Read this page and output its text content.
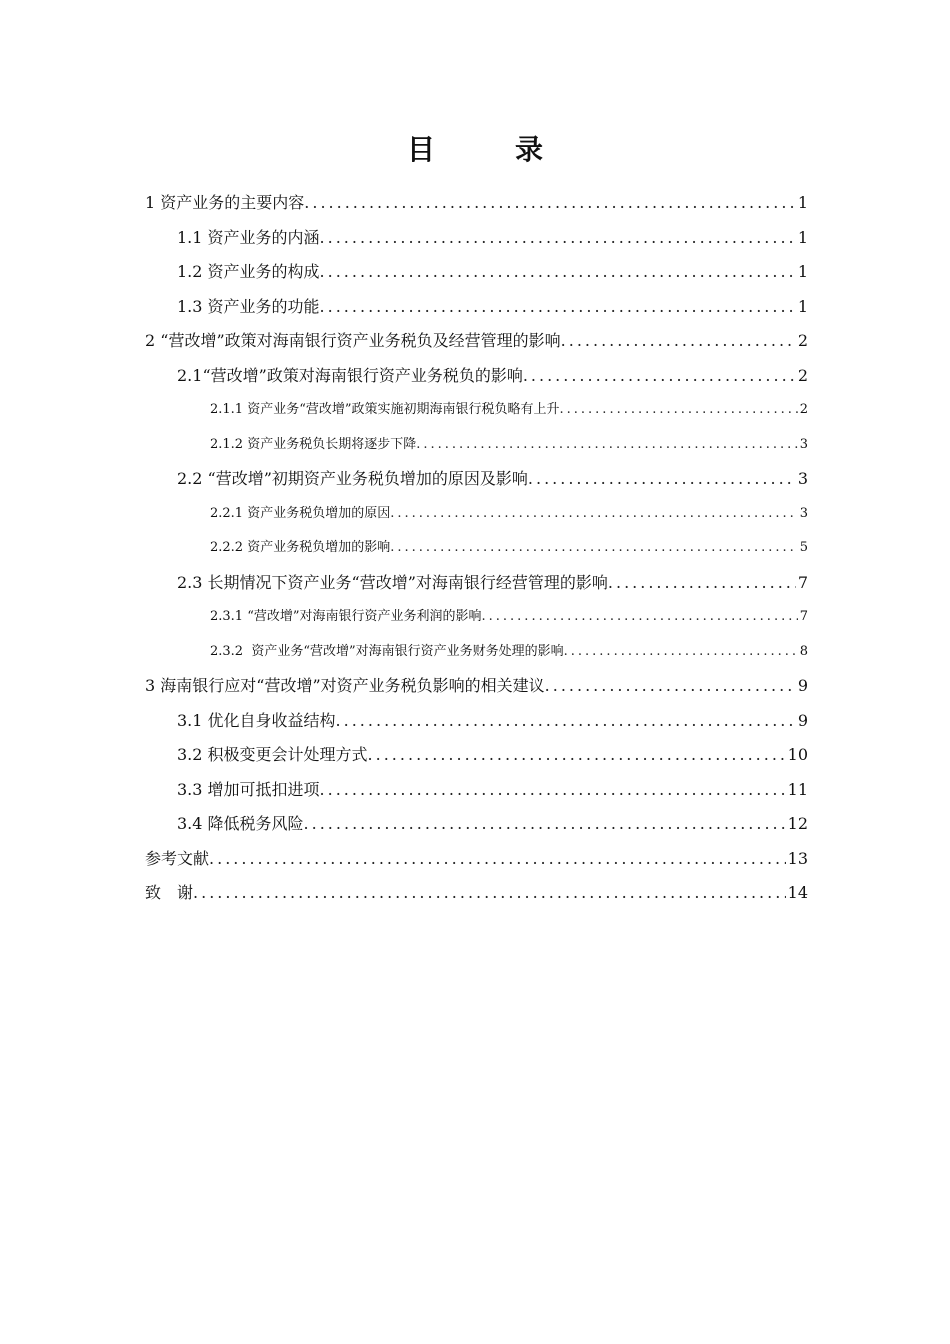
目　录
1 资产业务的主要内容 .....	1
1.1 资产业务的内涵 .....	1
1.2 资产业务的构成 .....	1
1.3 资产业务的功能 .....	1
2 “营改增”政策对海南银行资产业务税负及经营管理的影响 .....	2
2.1 “营改增”政策对海南银行资产业务税负的影响 .....	2
2.1.1 资产业务“营改增”政策实施初期海南银行税负略有上升 .....	2
2.1.2 资产业务税负长期将逐步下降 .....	3
2.2 “营改增”初期资产业务税负增加的原因及影响 .....	3
2.2.1 资产业务税负增加的原因 .....	3
2.2.2 资产业务税负增加的影响 .....	5
2.3 长期情况下资产业务“营改增”对海南银行经营管理的影响 .....	7
2.3.1 “营改增”对海南银行资产业务利润的影响 .....	7
2.3.2 资产业务“营改增”对海南银行资产业务财务处理的影响 .....	8
3 海南银行应对“营改增”对资产业务税负影响的相关建议 .....	9
3.1 优化自身收益结构 .....	9
3.2 积极变更会计处理方式 .....	10
3.3 增加可抵扣进项 .....	11
3.4 降低税务风险 .....	12
参考文献 .....	13
致　谢 .....	14
